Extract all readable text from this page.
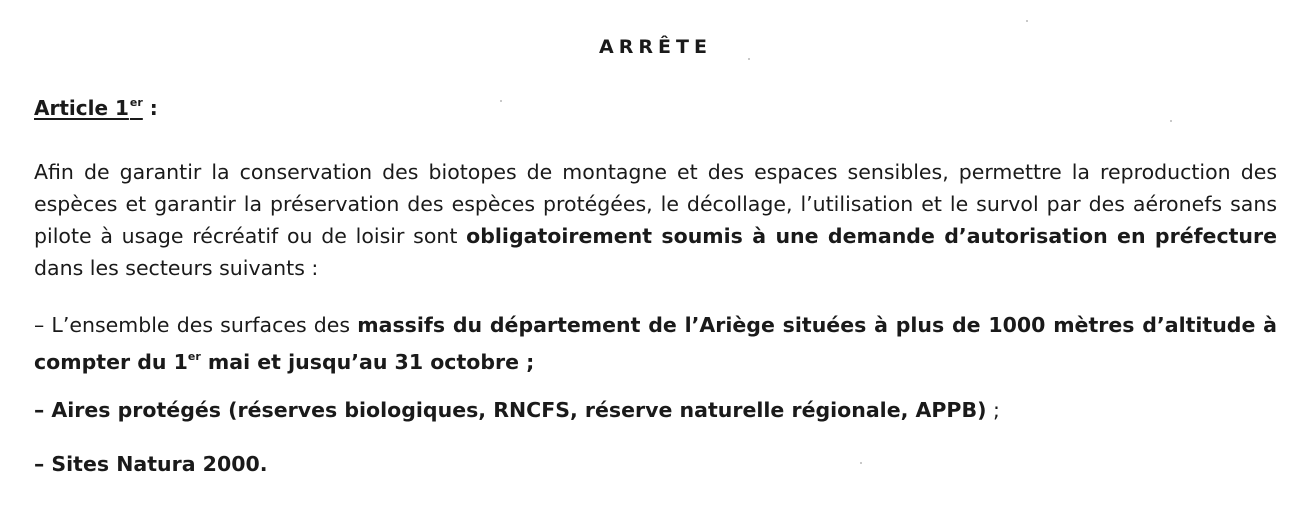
ARRÊTE
Article 1er :

Afin de garantir la conservation des biotopes de montagne et des espaces sensibles, permettre la reproduction des espèces et garantir la préservation des espèces protégées, le décollage, l’utilisation et le survol par des aéronefs sans pilote à usage récréatif ou de loisir sont obligatoirement soumis à une demande d’autorisation en préfecture dans les secteurs suivants :

– L’ensemble des surfaces des massifs du département de l’Ariège situées à plus de 1000 mètres d’altitude à compter du 1er mai et jusqu’au 31 octobre ;

– Aires protégés (réserves biologiques, RNCFS, réserve naturelle régionale, APPB) ;

– Sites Natura 2000.
